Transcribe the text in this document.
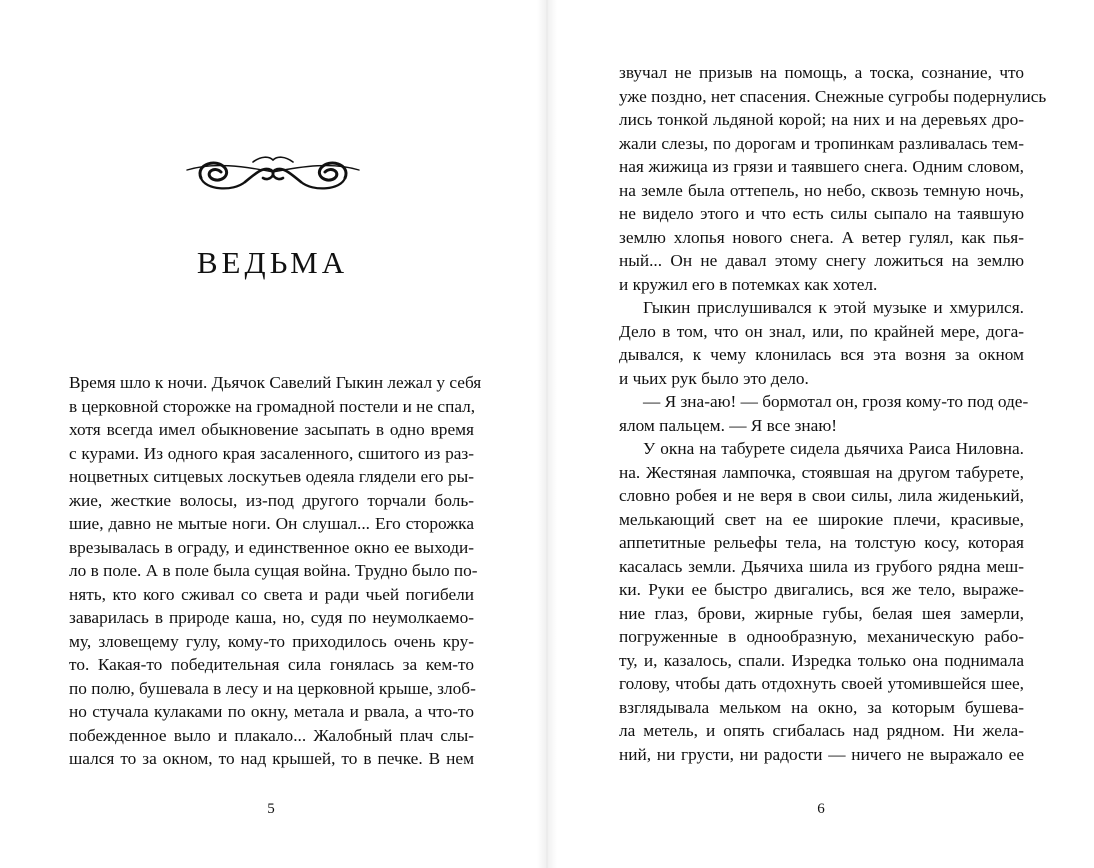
ВЕДЬМА
Время шло к ночи. Дьячок Савелий Гыкин лежал у себя
в церковной сторожке на громадной постели и не спал,
хотя всегда имел обыкновение засыпать в одно время
с курами. Из одного края засаленного, сшитого из раз-
ноцветных ситцевых лоскутьев одеяла глядели его ры-
жие, жесткие волосы, из-под другого торчали боль-
шие, давно не мытые ноги. Он слушал... Его сторожка
врезывалась в ограду, и единственное окно ее выходи-
ло в поле. А в поле была сущая война. Трудно было по-
нять, кто кого сживал со света и ради чьей погибели
заварилась в природе каша, но, судя по неумолкаемо-
му, зловещему гулу, кому-то приходилось очень кру-
то. Какая-то победительная сила гонялась за кем-то
по полю, бушевала в лесу и на церковной крыше, злоб-
но стучала кулаками по окну, метала и рвала, а что-то
побежденное выло и плакало... Жалобный плач слы-
шался то за окном, то над крышей, то в печке. В нем
5
звучал не призыв на помощь, а тоска, сознание, что
уже поздно, нет спасения. Снежные сугробы подернулись
лись тонкой льдяной корой; на них и на деревьях дро-
жали слезы, по дорогам и тропинкам разливалась тем-
ная жижица из грязи и таявшего снега. Одним словом,
на земле была оттепель, но небо, сквозь темную ночь,
не видело этого и что есть силы сыпало на таявшую
землю хлопья нового снега. А ветер гулял, как пья-
ный... Он не давал этому снегу ложиться на землю
и кружил его в потемках как хотел.
Гыкин прислушивался к этой музыке и хмурился.
Дело в том, что он знал, или, по крайней мере, дога-
дывался, к чему клонилась вся эта возня за окном
и чьих рук было это дело.
— Я зна-аю! — бормотал он, грозя кому-то под оде-
ялом пальцем. — Я все знаю!
У окна на табурете сидела дьячиха Раиса Ниловна.
на. Жестяная лампочка, стоявшая на другом табурете,
словно робея и не веря в свои силы, лила жиденький,
мелькающий свет на ее широкие плечи, красивые,
аппетитные рельефы тела, на толстую косу, которая
касалась земли. Дьячиха шила из грубого рядна меш-
ки. Руки ее быстро двигались, вся же тело, выраже-
ние глаз, брови, жирные губы, белая шея замерли,
погруженные в однообразную, механическую рабо-
ту, и, казалось, спали. Изредка только она поднимала
голову, чтобы дать отдохнуть своей утомившейся шее,
взглядывала мельком на окно, за которым бушева-
ла метель, и опять сгибалась над рядном. Ни жела-
ний, ни грусти, ни радости — ничего не выражало ее
6
